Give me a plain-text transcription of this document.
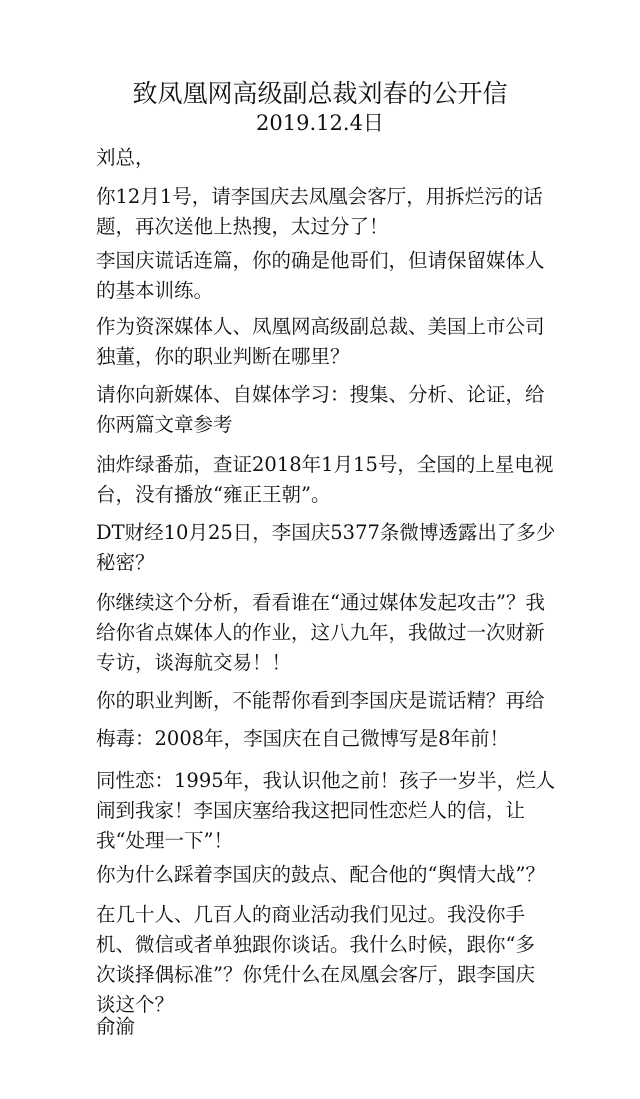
致凤凰网高级副总裁刘春的公开信
2019.12.4日
刘总，
你12月1号，请李国庆去凤凰会客厅，用拆烂污的话
题，再次送他上热搜，太过分了！
李国庆谎话连篇，你的确是他哥们，但请保留媒体人
的基本训练。
作为资深媒体人、凤凰网高级副总裁、美国上市公司
独董，你的职业判断在哪里？
请你向新媒体、自媒体学习：搜集、分析、论证，给
你两篇文章参考
油炸绿番茄，查证2018年1月15号，全国的上星电视
台，没有播放“雍正王朝”。
DT财经10月25日，李国庆5377条微博透露出了多少
秘密？
你继续这个分析，看看谁在“通过媒体发起攻击”？我
给你省点媒体人的作业，这八九年，我做过一次财新
专访，谈海航交易！！
你的职业判断，不能帮你看到李国庆是谎话精？再给
梅毒：2008年，李国庆在自己微博写是8年前！
同性恋：1995年，我认识他之前！孩子一岁半，烂人
闹到我家！李国庆塞给我这把同性恋烂人的信，让
我“处理一下”！
你为什么踩着李国庆的鼓点、配合他的“舆情大战”？
在几十人、几百人的商业活动我们见过。我没你手
机、微信或者单独跟你谈话。我什么时候，跟你“多
次谈择偶标准”？你凭什么在凤凰会客厅，跟李国庆
谈这个？
俞渝
